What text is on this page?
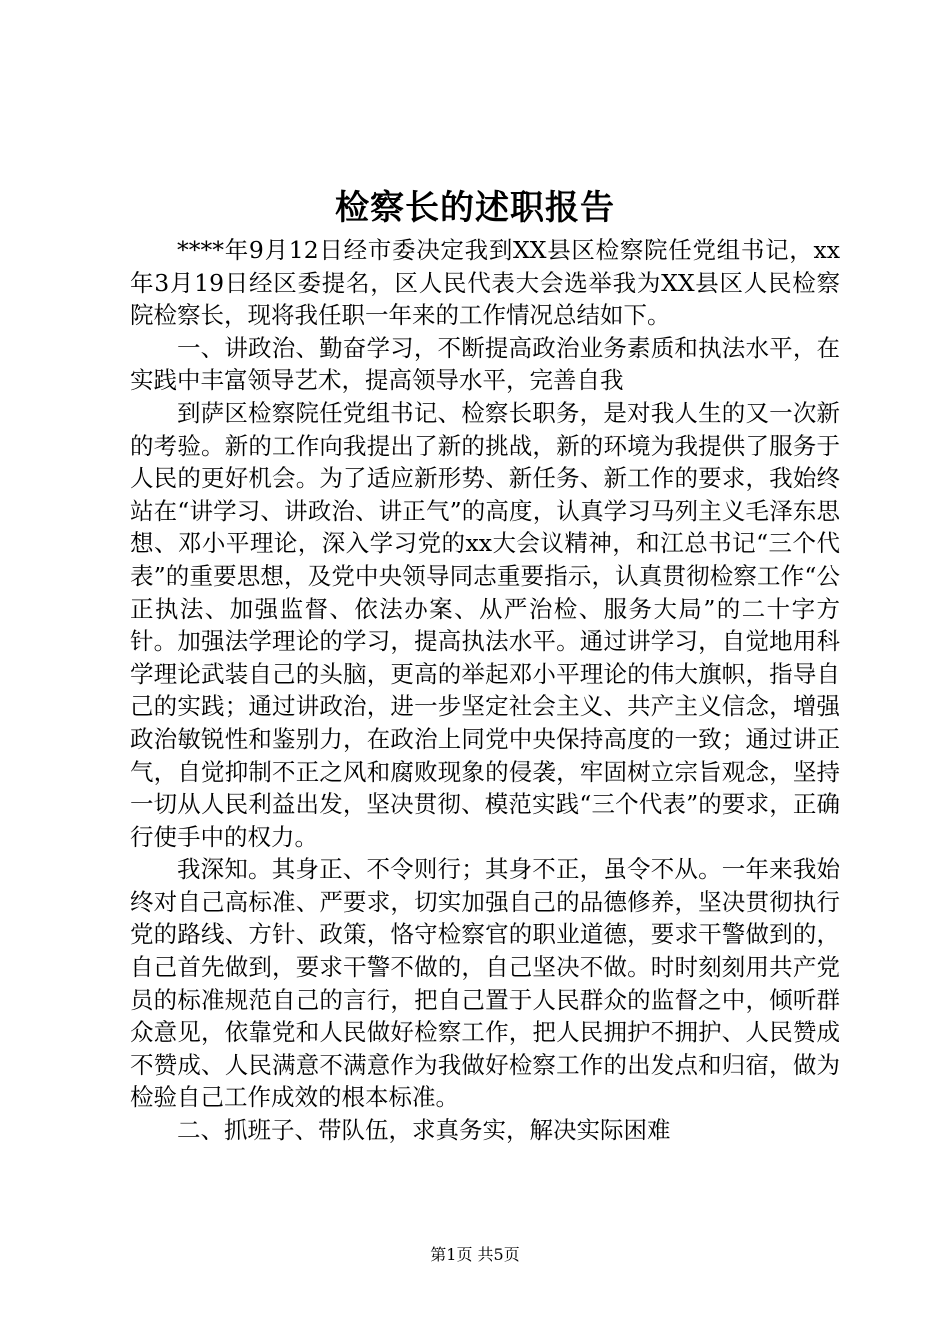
检察长的述职报告

****年9月12日经市委决定我到XX县区检察院任党组书记，xx年3月19日经区委提名，区人民代表大会选举我为XX县区人民检察院检察长，现将我任职一年来的工作情况总结如下。

一、讲政治、勤奋学习，不断提高政治业务素质和执法水平，在实践中丰富领导艺术，提高领导水平，完善自我

到萨区检察院任党组书记、检察长职务，是对我人生的又一次新的考验。新的工作向我提出了新的挑战，新的环境为我提供了服务于人民的更好机会。为了适应新形势、新任务、新工作的要求，我始终站在“讲学习、讲政治、讲正气”的高度，认真学习马列主义毛泽东思想、邓小平理论，深入学习党的xx大会议精神，和江总书记“三个代表”的重要思想，及党中央领导同志重要指示，认真贯彻检察工作“公正执法、加强监督、依法办案、从严治检、服务大局”的二十字方针。加强法学理论的学习，提高执法水平。通过讲学习，自觉地用科学理论武装自己的头脑，更高的举起邓小平理论的伟大旗帜，指导自己的实践；通过讲政治，进一步坚定社会主义、共产主义信念，增强政治敏锐性和鉴别力，在政治上同党中央保持高度的一致；通过讲正气，自觉抑制不正之风和腐败现象的侵袭，牢固树立宗旨观念，坚持一切从人民利益出发，坚决贯彻、模范实践“三个代表”的要求，正确行使手中的权力。

我深知。其身正、不令则行；其身不正，虽令不从。一年来我始终对自己高标准、严要求，切实加强自己的品德修养，坚决贯彻执行党的路线、方针、政策，恪守检察官的职业道德，要求干警做到的，自己首先做到，要求干警不做的，自己坚决不做。时时刻刻用共产党员的标准规范自己的言行，把自己置于人民群众的监督之中，倾听群众意见，依靠党和人民做好检察工作，把人民拥护不拥护、人民赞成不赞成、人民满意不满意作为我做好检察工作的出发点和归宿，做为检验自己工作成效的根本标准。

二、抓班子、带队伍，求真务实，解决实际困难

第1页 共5页
